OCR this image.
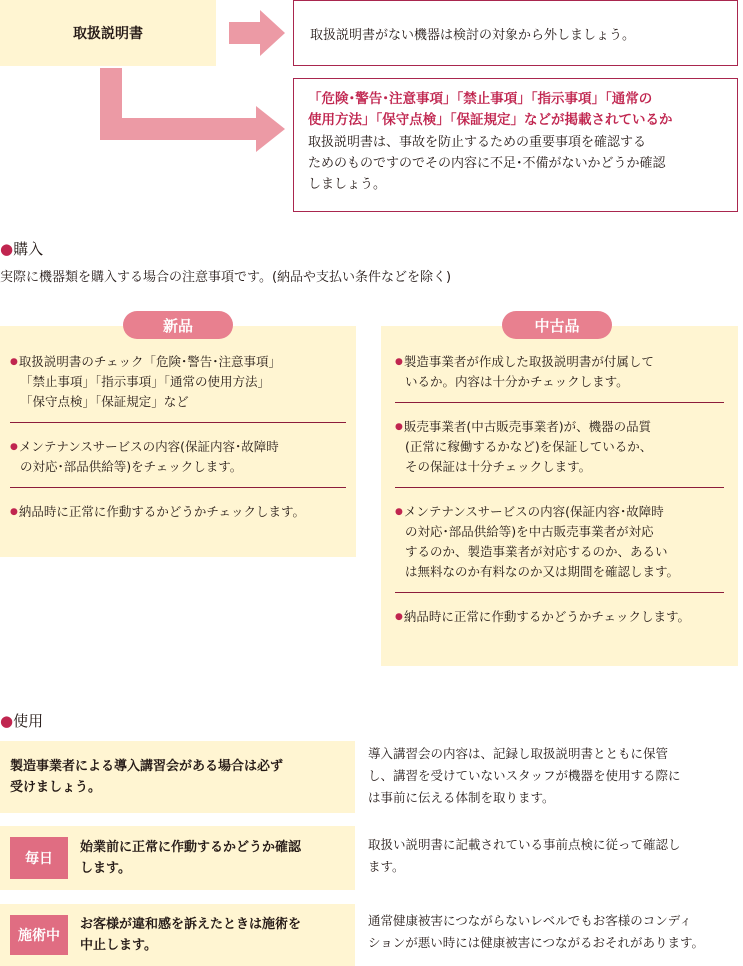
取扱説明書	取扱説明書がない機器は検討の対象から外しましょう。
「危険･警告･注意事項」「禁止事項」「指示事項」「通常の
使用方法」「保守点検」「保証規定」などが掲載されているか
取扱説明書は、事故を防止するための重要事項を確認する
ためのものですのでその内容に不足･不備がないかどうか確認
しましょう。
●購入
実際に機器類を購入する場合の注意事項です。(納品や支払い条件などを除く)
●取扱説明書のチェック「危険･警告･注意事項」
「禁止事項」「指示事項」「通常の使用方法」
「保守点検」「保証規定」など
●メンテナンスサービスの内容(保証内容･故障時
の対応･部品供給等)をチェックします。
●納品時に正常に作動するかどうかチェックします。
●製造事業者が作成した取扱説明書が付属して
いるか。内容は十分かチェックします。
●販売事業者(中古販売事業者)が、機器の品質
(正常に稼働するかなど)を保証しているか、
その保証は十分チェックします。
●メンテナンスサービスの内容(保証内容･故障時
の対応･部品供給等)を中古販売事業者が対応
するのか、製造事業者が対応するのか、あるい
は無料なのか有料なのか又は期間を確認します。
●納品時に正常に作動するかどうかチェックします。
新品	中古品
●使用
製造事業者による導入講習会がある場合は必ず
受けましょう。
導入講習会の内容は、記録し取扱説明書とともに保管
し、講習を受けていないスタッフが機器を使用する際に
は事前に伝える体制を取ります。
毎日
始業前に正常に作動するかどうか確認
します。
取扱い説明書に記載されている事前点検に従って確認し
ます。
施術中
お客様が違和感を訴えたときは施術を
中止します。
通常健康被害につながらないレベルでもお客様のコンディ
ションが悪い時には健康被害につながるおそれがあります。
